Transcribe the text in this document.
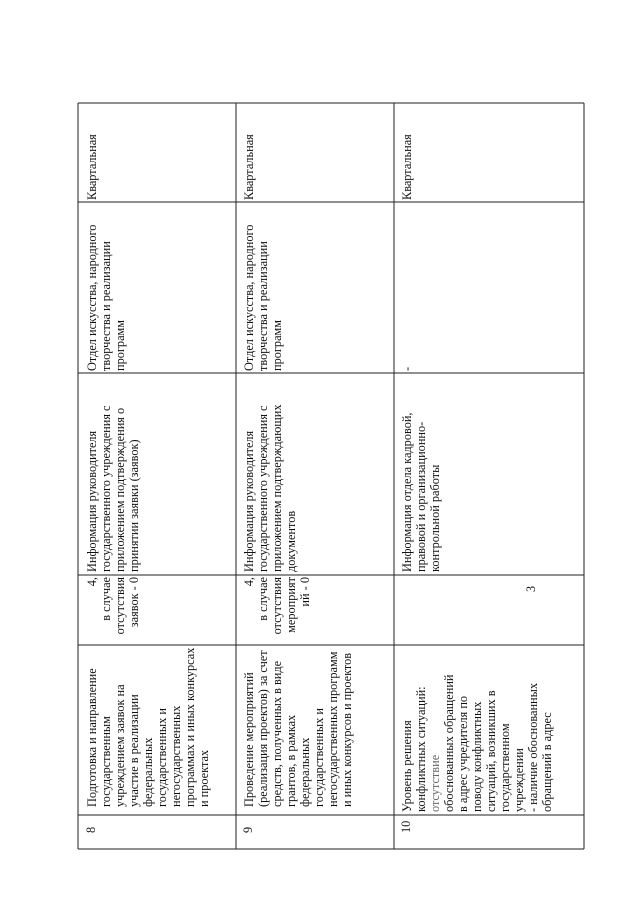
8
Подготовка и направление государственным учреждением заявок на участие в реализации федеральных государственных и негосударственных программах и иных конкурсах и проектах
4, в случае отсутствия заявок - 0
Информация руководителя государственного учреждения с приложением подтверждения о принятии заявки (заявок)
Отдел искусства, народного творчества и реализации программ
Квартальная
9
Проведение мероприятий (реализация проектов) за счет средств, полученных в виде грантов, в рамках федеральных государственных и негосударственных программ и иных конкурсов и проектов
4, в случае отсутствия мероприят ий - 0
Информация руководителя государственного учреждения с приложением подтверждающих документов
Отдел искусства, народного творчества и реализации программ
Квартальная
10
Уровень решения конфликтных ситуаций: отсутствие обоснованных обращений в адрес учредителя по поводу конфликтных ситуаций, возникших в государственном учреждении - наличие обоснованных обращений в адрес
Информация отдела кадровой, правовой и организационно-контрольной работы
-
Квартальная
3
